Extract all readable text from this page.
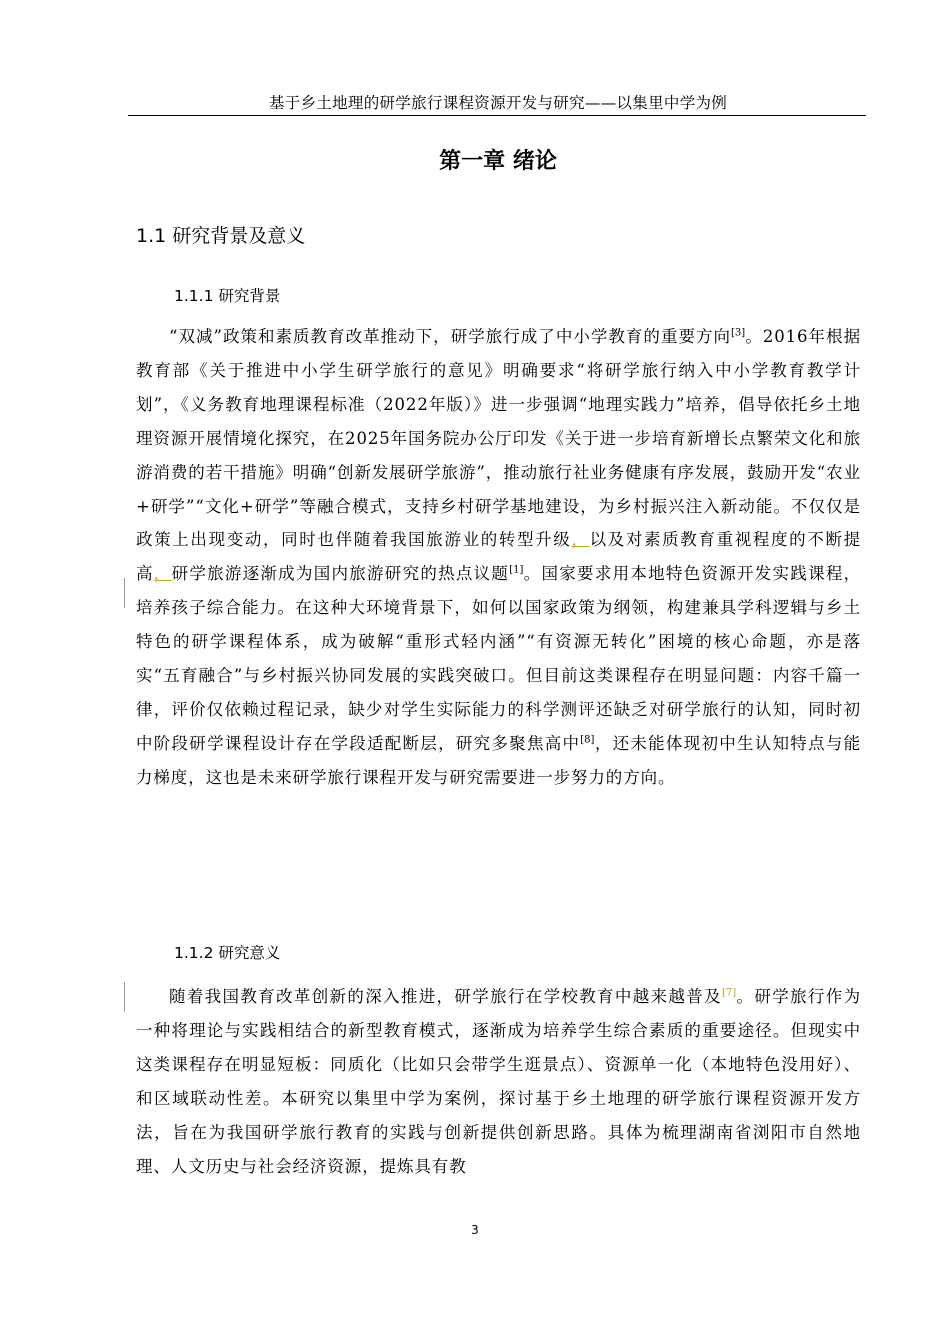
基于乡土地理的研学旅行课程资源开发与研究——以集里中学为例
第一章 绪论
1.1 研究背景及意义
1.1.1 研究背景
“双减”政策和素质教育改革推动下，研学旅行成了中小学教育的重要方向[3]。2016年根据教育部《关于推进中小学生研学旅行的意见》明确要求“将研学旅行纳入中小学教育教学计划”，《义务教育地理课程标准（2022年版）》进一步强调“地理实践力”培养，倡导依托乡土地理资源开展情境化探究，在2025年国务院办公厅印发《关于进一步培育新增长点繁荣文化和旅游消费的若干措施》明确“创新发展研学旅游”，推动旅行社业务健康有序发展，鼓励开发“农业+研学”“文化+研学”等融合模式，支持乡村研学基地建设，为乡村振兴注入新动能。不仅仅是政策上出现变动，同时也伴随着我国旅游业的转型升级，以及对素质教育重视程度的不断提高，研学旅游逐渐成为国内旅游研究的热点议题[1]。国家要求用本地特色资源开发实践课程，培养孩子综合能力。在这种大环境背景下，如何以国家政策为纲领，构建兼具学科逻辑与乡土特色的研学课程体系，成为破解“重形式轻内涵”“有资源无转化”困境的核心命题，亦是落实“五育融合”与乡村振兴协同发展的实践突破口。但目前这类课程存在明显问题：内容千篇一律，评价仅依赖过程记录，缺少对学生实际能力的科学测评还缺乏对研学旅行的认知，同时初中阶段研学课程设计存在学段适配断层，研究多聚焦高中[8]，还未能体现初中生认知特点与能力梯度，这也是未来研学旅行课程开发与研究需要进一步努力的方向。
1.1.2 研究意义
随着我国教育改革创新的深入推进，研学旅行在学校教育中越来越普及[7]。研学旅行作为一种将理论与实践相结合的新型教育模式，逐渐成为培养学生综合素质的重要途径。但现实中这类课程存在明显短板：同质化（比如只会带学生逛景点）、资源单一化（本地特色没用好）、和区域联动性差。本研究以集里中学为案例，探讨基于乡土地理的研学旅行课程资源开发方法，旨在为我国研学旅行教育的实践与创新提供创新思路。具体为梳理湖南省浏阳市自然地理、人文历史与社会经济资源，提炼具有教
3
